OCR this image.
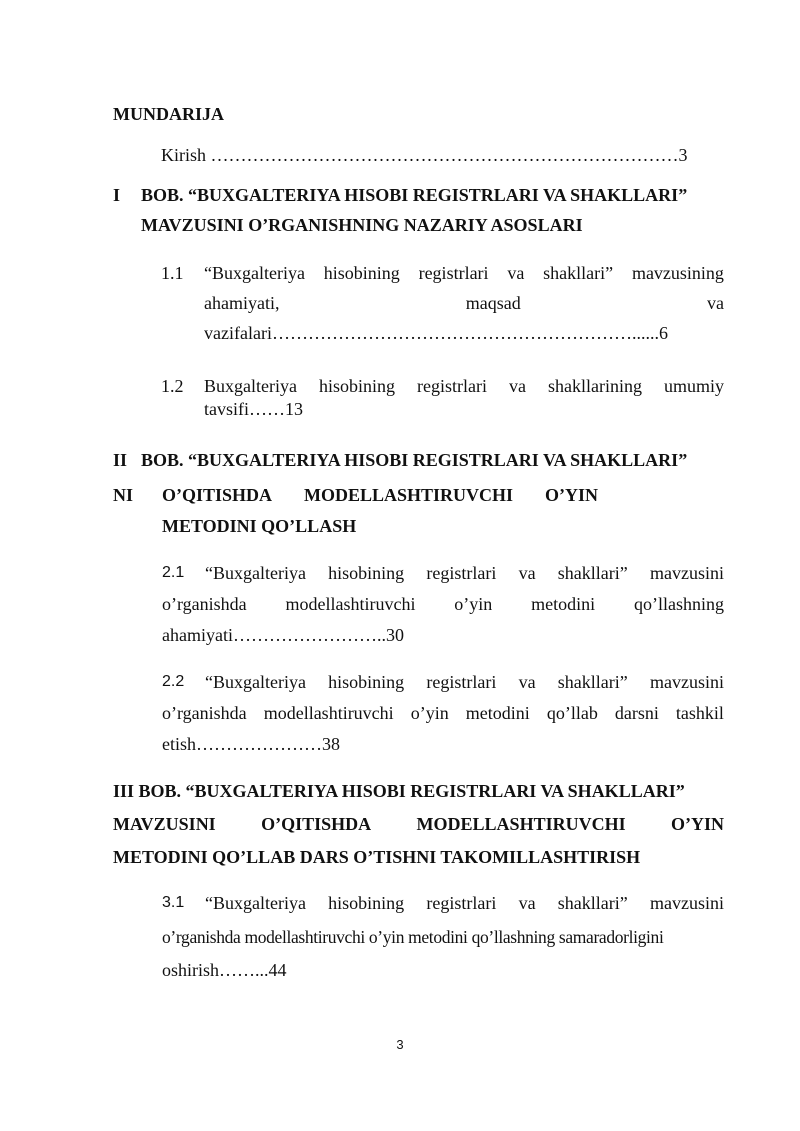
MUNDARIJA
Kirish ……………………………………………………………………3
I BOB. “BUXGALTERIYA HISOBI REGISTRLARI VA SHAKLLARI”
MAVZUSINI O’RGANISHNING NAZARIY ASOSLARI
1.1 “Buxgalteriya hisobining registrlari va shakllari” mavzusining
ahamiyati,	maqsad	va
vazifalari……………………………………………………......6
1.2 Buxgalteriya hisobining registrlari va shakllarining umumiy
tavsifi……13
II BOB. “BUXGALTERIYA HISOBI REGISTRLARI VA SHAKLLARI”
NI O’QITISHDA MODELLASHTIRUVCHI O’YIN
METODINI QO’LLASH
2.1 “Buxgalteriya hisobining registrlari va shakllari” mavzusini
o’rganishda modellashtiruvchi o’yin metodini qo’llashning
ahamiyati……………………..30
2.2 “Buxgalteriya hisobining registrlari va shakllari” mavzusini
o’rganishda modellashtiruvchi o’yin metodini qo’llab darsni tashkil
etish…………………38
III BOB. “BUXGALTERIYA HISOBI REGISTRLARI VA SHAKLLARI”
MAVZUSINI	O’QITISHDA	MODELLASHTIRUVCHI	O’YIN
METODINI QO’LLAB DARS O’TISHNI TAKOMILLASHTIRISH
3.1 “Buxgalteriya hisobining registrlari va shakllari” mavzusini
o’rganishda modellashtiruvchi o’yin metodini qo’llashning samaradorligini
oshirish……...44
3
